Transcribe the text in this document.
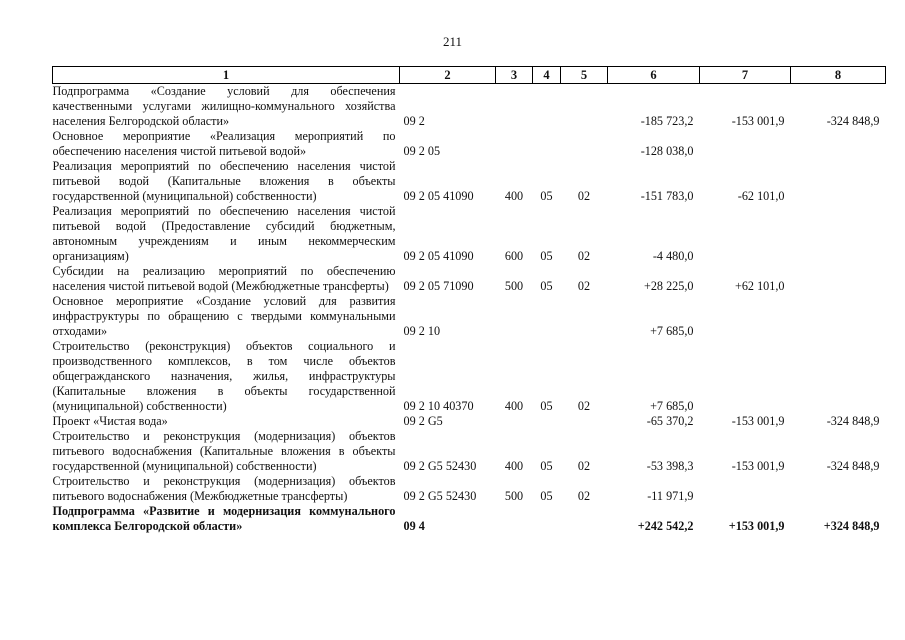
211
1	2	3	4	5	6	7	8
Подпрограмма «Создание условий для обеспечения качественными услугами жилищно-коммунального хозяйства населения Белгородской области»	09 2				-185 723,2	-153 001,9	-324 848,9
Основное мероприятие «Реализация мероприятий по обеспечению населения чистой питьевой водой»	09 2 05				-128 038,0		
Реализация мероприятий по обеспечению населения чистой питьевой водой (Капитальные вложения в объекты государственной (муниципальной) собственности)	09 2 05 41090	400	05	02	-151 783,0	-62 101,0	
Реализация мероприятий по обеспечению населения чистой питьевой водой (Предоставление субсидий бюджетным, автономным учреждениям и иным некоммерческим организациям)	09 2 05 41090	600	05	02	-4 480,0		
Субсидии на реализацию мероприятий по обеспечению населения чистой питьевой водой (Межбюджетные трансферты)	09 2 05 71090	500	05	02	+28 225,0	+62 101,0	
Основное мероприятие «Создание условий для развития инфраструктуры по обращению с твердыми коммунальными отходами»	09 2 10				+7 685,0		
Строительство (реконструкция) объектов социального и производственного комплексов, в том числе объектов общегражданского назначения, жилья, инфраструктуры (Капитальные вложения в объекты государственной (муниципальной) собственности)	09 2 10 40370	400	05	02	+7 685,0		
Проект «Чистая вода»	09 2 G5				-65 370,2	-153 001,9	-324 848,9
Строительство и реконструкция (модернизация) объектов питьевого водоснабжения (Капитальные вложения в объекты государственной (муниципальной) собственности)	09 2 G5 52430	400	05	02	-53 398,3	-153 001,9	-324 848,9
Строительство и реконструкция (модернизация) объектов питьевого водоснабжения (Межбюджетные трансферты)	09 2 G5 52430	500	05	02	-11 971,9		
Подпрограмма «Развитие и модернизация коммунального комплекса Белгородской области»	09 4				+242 542,2	+153 001,9	+324 848,9
